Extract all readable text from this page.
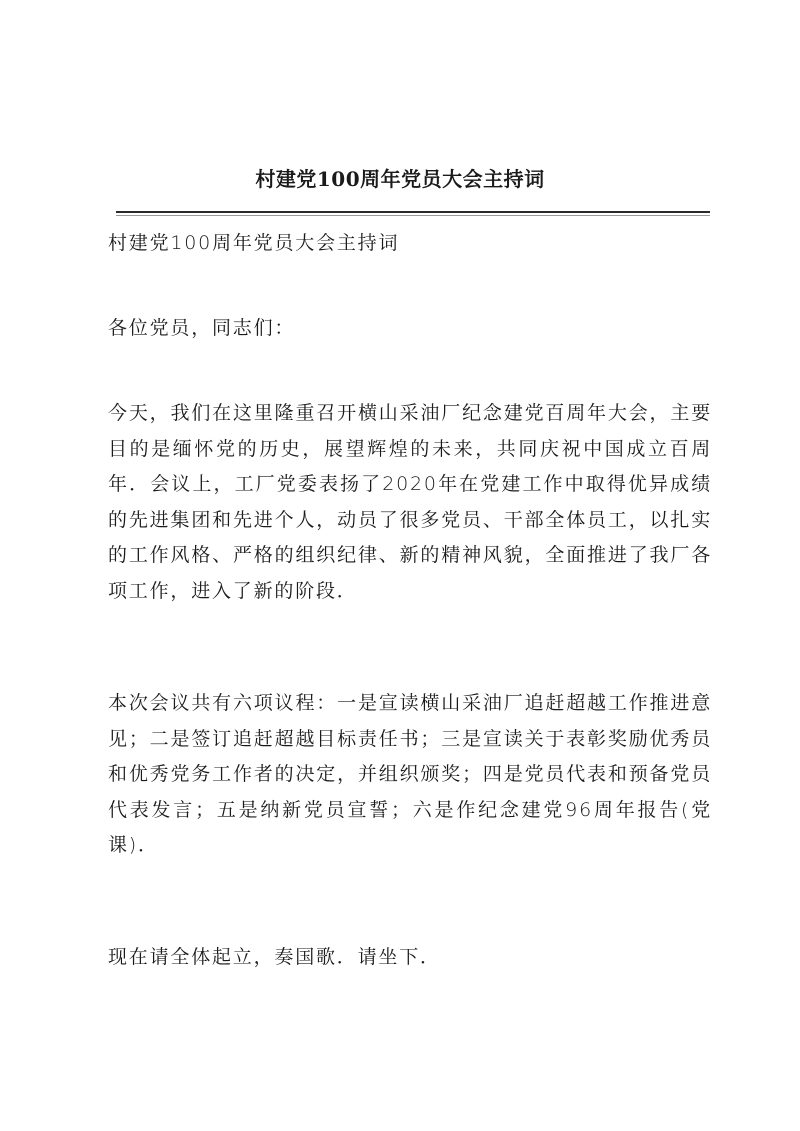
村建党100周年党员大会主持词
村建党100周年党员大会主持词
各位党员，同志们：
今天，我们在这里隆重召开横山采油厂纪念建党百周年大会，主要目的是缅怀党的历史，展望辉煌的未来，共同庆祝中国成立百周年．会议上，工厂党委表扬了2020年在党建工作中取得优异成绩的先进集团和先进个人，动员了很多党员、干部全体员工，以扎实的工作风格、严格的组织纪律、新的精神风貌，全面推进了我厂各项工作，进入了新的阶段．
本次会议共有六项议程：一是宣读横山采油厂追赶超越工作推进意见；二是签订追赶超越目标责任书；三是宣读关于表彰奖励优秀员和优秀党务工作者的决定，并组织颁奖；四是党员代表和预备党员代表发言；五是纳新党员宣誓；六是作纪念建党96周年报告(党课)．
现在请全体起立，奏国歌．请坐下．
